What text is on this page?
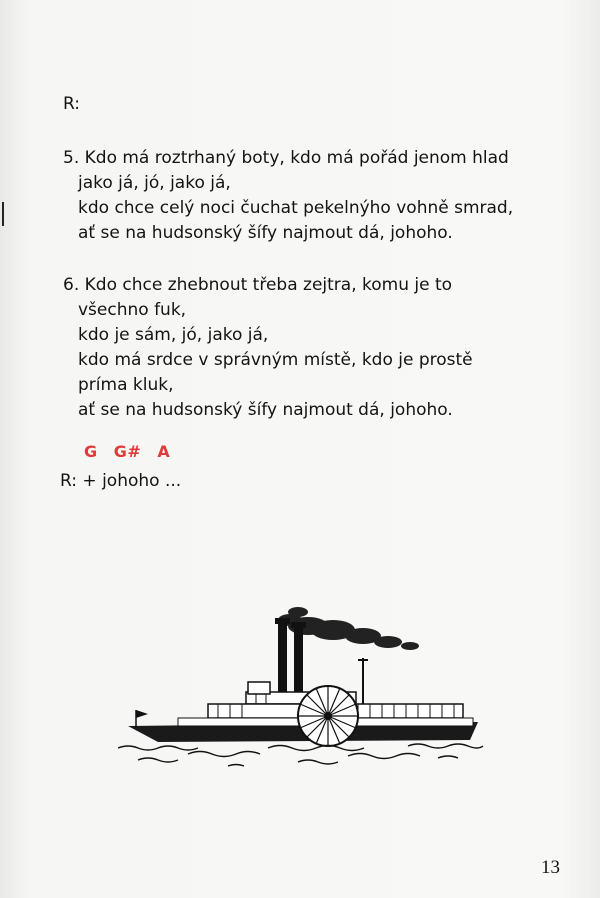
R:
5. Kdo má roztrhaný boty, kdo má pořád jenom hlad
jako já, jó, jako já,
kdo chce celý noci čuchat pekelnýho vohně smrad,
ať se na hudsonský šífy najmout dá, johoho.
6. Kdo chce zhebnout třeba zejtra, komu je to
všechno fuk,
kdo je sám, jó, jako já,
kdo má srdce v správným místě, kdo je prostě
príma kluk,
ať se na hudsonský šífy najmout dá, johoho.
G G# A
R: + johoho ...
13
